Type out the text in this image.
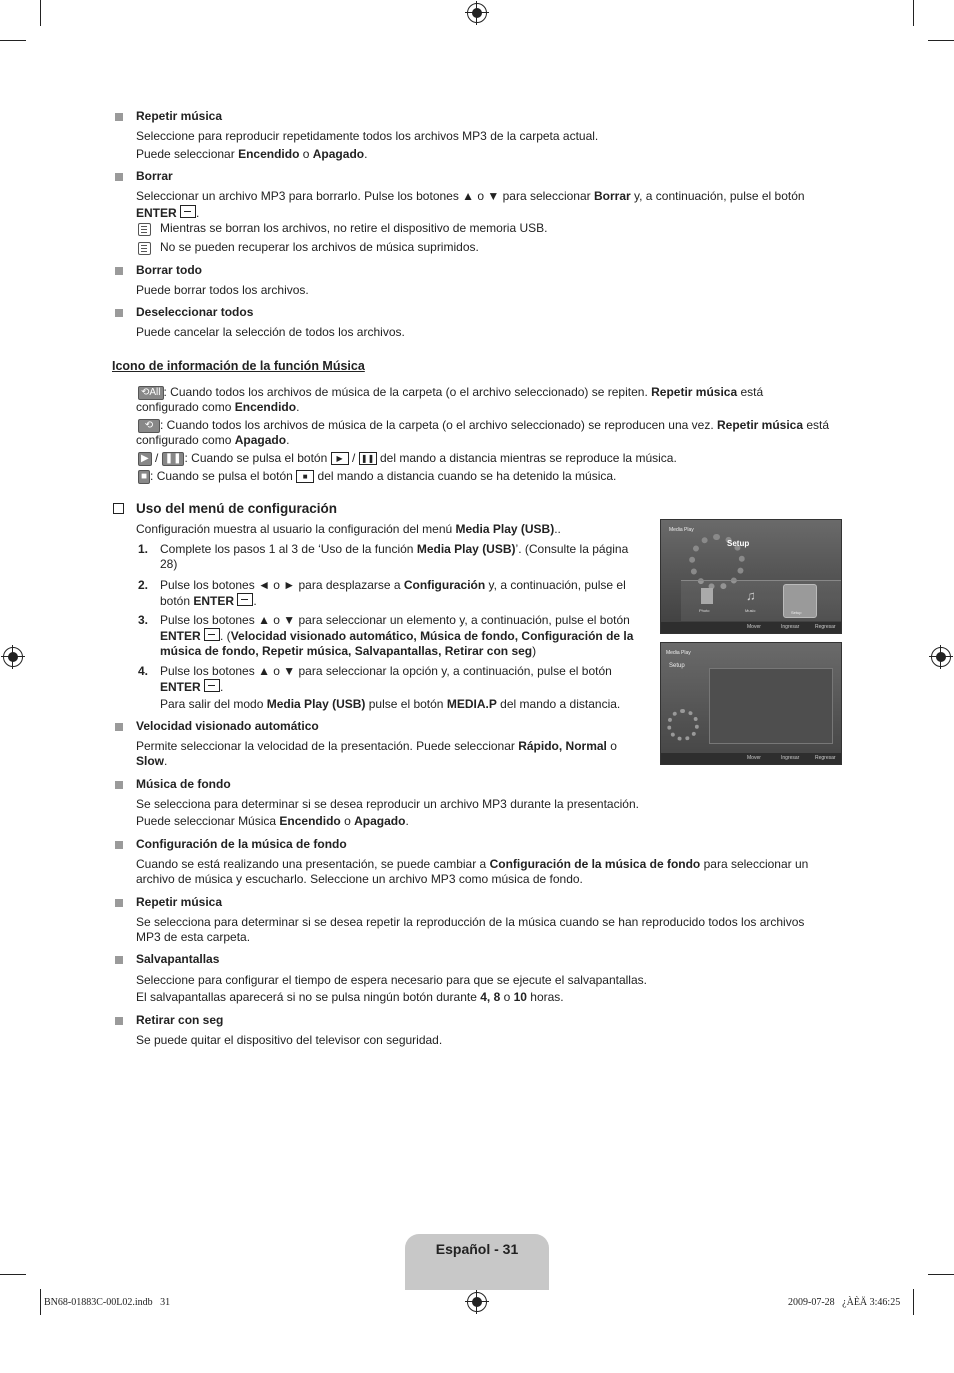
Repetir música
Seleccione para reproducir repetidamente todos los archivos MP3 de la carpeta actual.
Puede seleccionar Encendido o Apagado.
Borrar
Seleccionar un archivo MP3 para borrarlo. Pulse los botones ▲ o ▼ para seleccionar Borrar y, a continuación, pulse el botón
ENTER .
Mientras se borran los archivos, no retire el dispositivo de memoria USB.
No se pueden recuperar los archivos de música suprimidos.
Borrar todo
Puede borrar todos los archivos.
Deseleccionar todos
Puede cancelar la selección de todos los archivos.
Icono de información de la función Música
⟲All : Cuando todos los archivos de música de la carpeta (o el archivo seleccionado) se repiten. Repetir música está
configurado como Encendido.
⟲ : Cuando todos los archivos de música de la carpeta (o el archivo seleccionado) se reproducen una vez. Repetir música está
configurado como Apagado.
▶ / ❚❚ : Cuando se pulsa el botón ▶ / ❚❚ del mando a distancia mientras se reproduce la música.
■ : Cuando se pulsa el botón ■ del mando a distancia cuando se ha detenido la música.
Uso del menú de configuración
Configuración muestra al usuario la configuración del menú Media Play (USB)..
1. Complete los pasos 1 al 3 de ‘Uso de la función Media Play (USB)’. (Consulte la página
28)
2. Pulse los botones ◄ o ► para desplazarse a Configuración y, a continuación, pulse el
botón ENTER .
3. Pulse los botones ▲ o ▼ para seleccionar un elemento y, a continuación, pulse el botón
ENTER . (Velocidad visionado automático, Música de fondo, Configuración de la
música de fondo, Repetir música, Salvapantallas, Retirar con seg)
4. Pulse los botones ▲ o ▼ para seleccionar la opción y, a continuación, pulse el botón
ENTER .
Para salir del modo Media Play (USB) pulse el botón MEDIA.P del mando a distancia.
Media Play
Setup
♫
Photo	Music	Setup
Mover	Ingresar	Regresar
Media Play
Setup
Mover	Ingresar	Regresar
Velocidad visionado automático
Permite seleccionar la velocidad de la presentación. Puede seleccionar Rápido, Normal o
Slow.
Música de fondo
Se selecciona para determinar si se desea reproducir un archivo MP3 durante la presentación.
Puede seleccionar Música Encendido o Apagado.
Configuración de la música de fondo
Cuando se está realizando una presentación, se puede cambiar a Configuración de la música de fondo para seleccionar un
archivo de música y escucharlo. Seleccione un archivo MP3 como música de fondo.
Repetir música
Se selecciona para determinar si se desea repetir la reproducción de la música cuando se han reproducido todos los archivos
MP3 de esta carpeta.
Salvapantallas
Seleccione para configurar el tiempo de espera necesario para que se ejecute el salvapantallas.
El salvapantallas aparecerá si no se pulsa ningún botón durante 4, 8 o 10 horas.
Retirar con seg
Se puede quitar el dispositivo del televisor con seguridad.
Español - 31
BN68-01883C-00L02.indb   31	2009-07-28   ¿ÀÈÄ 3:46:25
